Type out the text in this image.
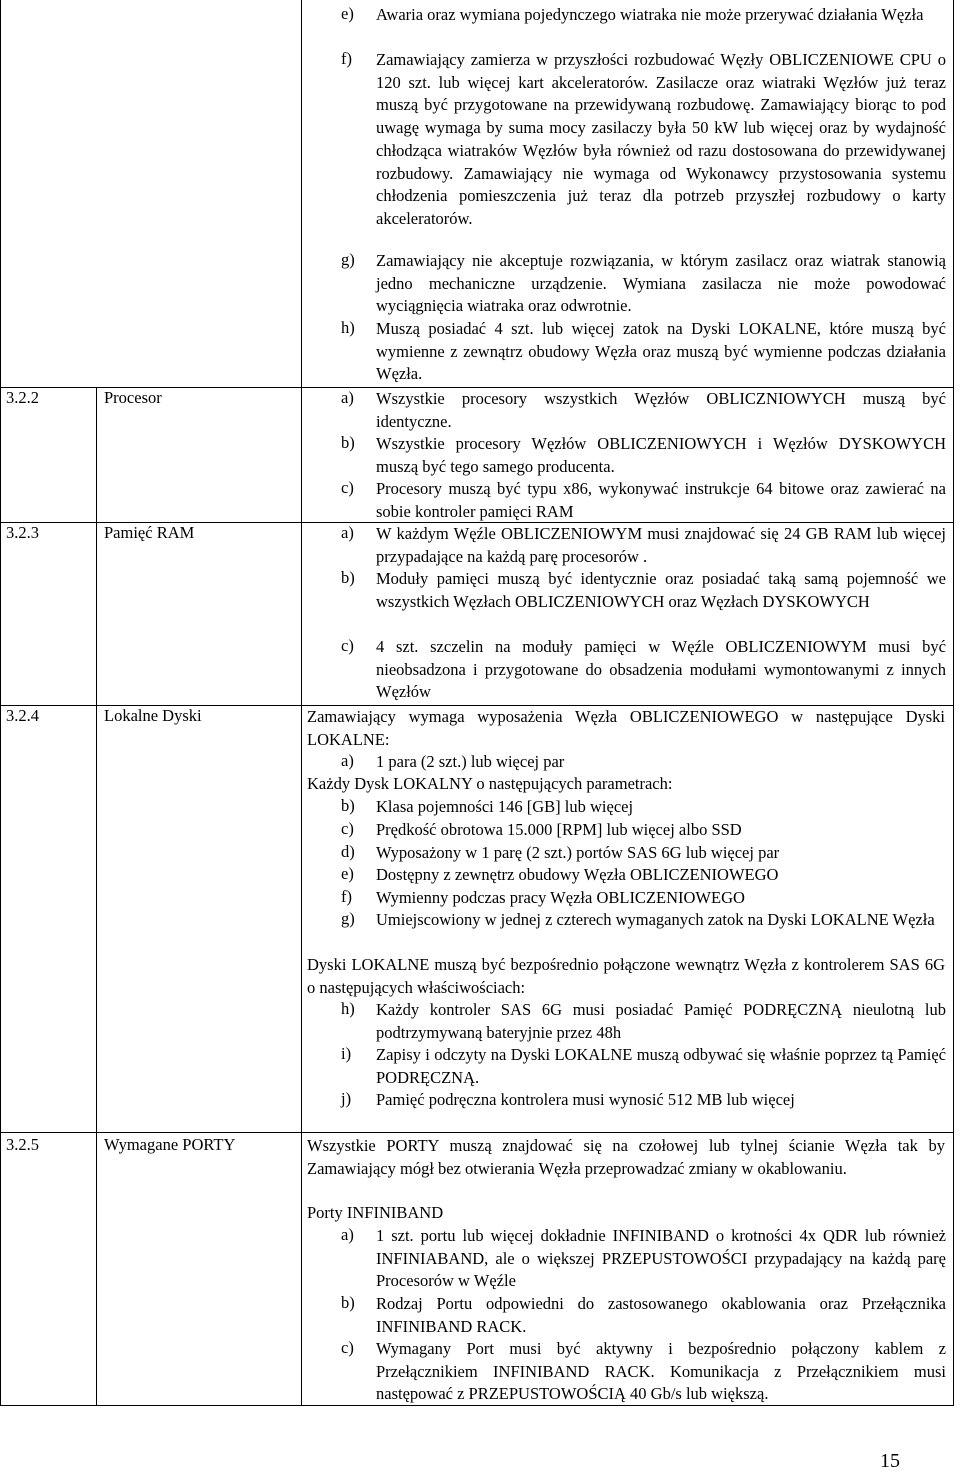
e) Awaria oraz wymiana pojedynczego wiatraka nie może przerywać działania Węzła
f) Zamawiający zamierza w przyszłości rozbudować Węzły OBLICZENIOWE CPU o 120 szt. lub więcej kart akceleratorów. Zasilacze oraz wiatraki Węzłów już teraz muszą być przygotowane na przewidywaną rozbudowę. Zamawiający biorąc to pod uwagę wymaga by suma mocy zasilaczy była 50 kW lub więcej oraz by wydajność chłodząca wiatraków Węzłów była również od razu dostosowana do przewidywanej rozbudowy. Zamawiający nie wymaga od Wykonawcy przystosowania systemu chłodzenia pomieszczenia już teraz dla potrzeb przyszłej rozbudowy o karty akceleratorów.
g) Zamawiający nie akceptuje rozwiązania, w którym zasilacz oraz wiatrak stanowią jedno mechaniczne urządzenie. Wymiana zasilacza nie może powodować wyciągnięcia wiatraka oraz odwrotnie.
h) Muszą posiadać 4 szt. lub więcej zatok na Dyski LOKALNE, które muszą być wymienne z zewnątrz obudowy Węzła oraz muszą być wymienne podczas działania Węzła.
3.2.2	Procesor	a) Wszystkie procesory wszystkich Węzłów OBLICZNIOWYCH muszą być identyczne.
b) Wszystkie procesory Węzłów OBLICZENIOWYCH i Węzłów DYSKOWYCH muszą być tego samego producenta.
c) Procesory muszą być typu x86, wykonywać instrukcje 64 bitowe oraz zawierać na sobie kontroler pamięci RAM
3.2.3	Pamięć RAM	a) W każdym Węźle OBLICZENIOWYM musi znajdować się 24 GB RAM lub więcej przypadające na każdą parę procesorów .
b) Moduły pamięci muszą być identycznie oraz posiadać taką samą pojemność we wszystkich Węzłach OBLICZENIOWYCH oraz Węzłach DYSKOWYCH
c) 4 szt. szczelin na moduły pamięci w Węźle OBLICZENIOWYM musi być nieobsadzona i przygotowane do obsadzenia modułami wymontowanymi z innych Węzłów
3.2.4	Lokalne Dyski	Zamawiający wymaga wyposażenia Węzła OBLICZENIOWEGO w następujące Dyski LOKALNE:
a) 1 para (2 szt.) lub więcej par
Każdy Dysk LOKALNY o następujących parametrach:
b) Klasa pojemności 146 [GB] lub więcej
c) Prędkość obrotowa 15.000 [RPM] lub więcej albo SSD
d) Wyposażony w 1 parę (2 szt.) portów SAS 6G lub więcej par
e) Dostępny z zewnętrz obudowy Węzła OBLICZENIOWEGO
f) Wymienny podczas pracy Węzła OBLICZENIOWEGO
g) Umiejscowiony w jednej z czterech wymaganych zatok na Dyski LOKALNE Węzła
Dyski LOKALNE muszą być bezpośrednio połączone wewnątrz Węzła z kontrolerem SAS 6G o następujących właściwościach:
h) Każdy kontroler SAS 6G musi posiadać Pamięć PODRĘCZNĄ nieulotną lub podtrzymywaną bateryjnie przez 48h
i) Zapisy i odczyty na Dyski LOKALNE muszą odbywać się właśnie poprzez tą Pamięć PODRĘCZNĄ.
j) Pamięć podręczna kontrolera musi wynosić 512 MB lub więcej
3.2.5	Wymagane PORTY	Wszystkie PORTY muszą znajdować się na czołowej lub tylnej ścianie Węzła tak by Zamawiający mógł bez otwierania Węzła przeprowadzać zmiany w okablowaniu.
Porty INFINIBAND
a) 1 szt. portu lub więcej dokładnie INFINIBAND o krotności 4x QDR lub również INFINIABAND, ale o większej PRZEPUSTOWOŚCI przypadający na każdą parę Procesorów w Węźle
b) Rodzaj Portu odpowiedni do zastosowanego okablowania oraz Przełącznika INFINIBAND RACK.
c) Wymagany Port musi być aktywny i bezpośrednio połączony kablem z Przełącznikiem INFINIBAND RACK. Komunikacja z Przełącznikiem musi następować z PRZEPUSTOWOŚCIĄ 40 Gb/s lub większą.
15
